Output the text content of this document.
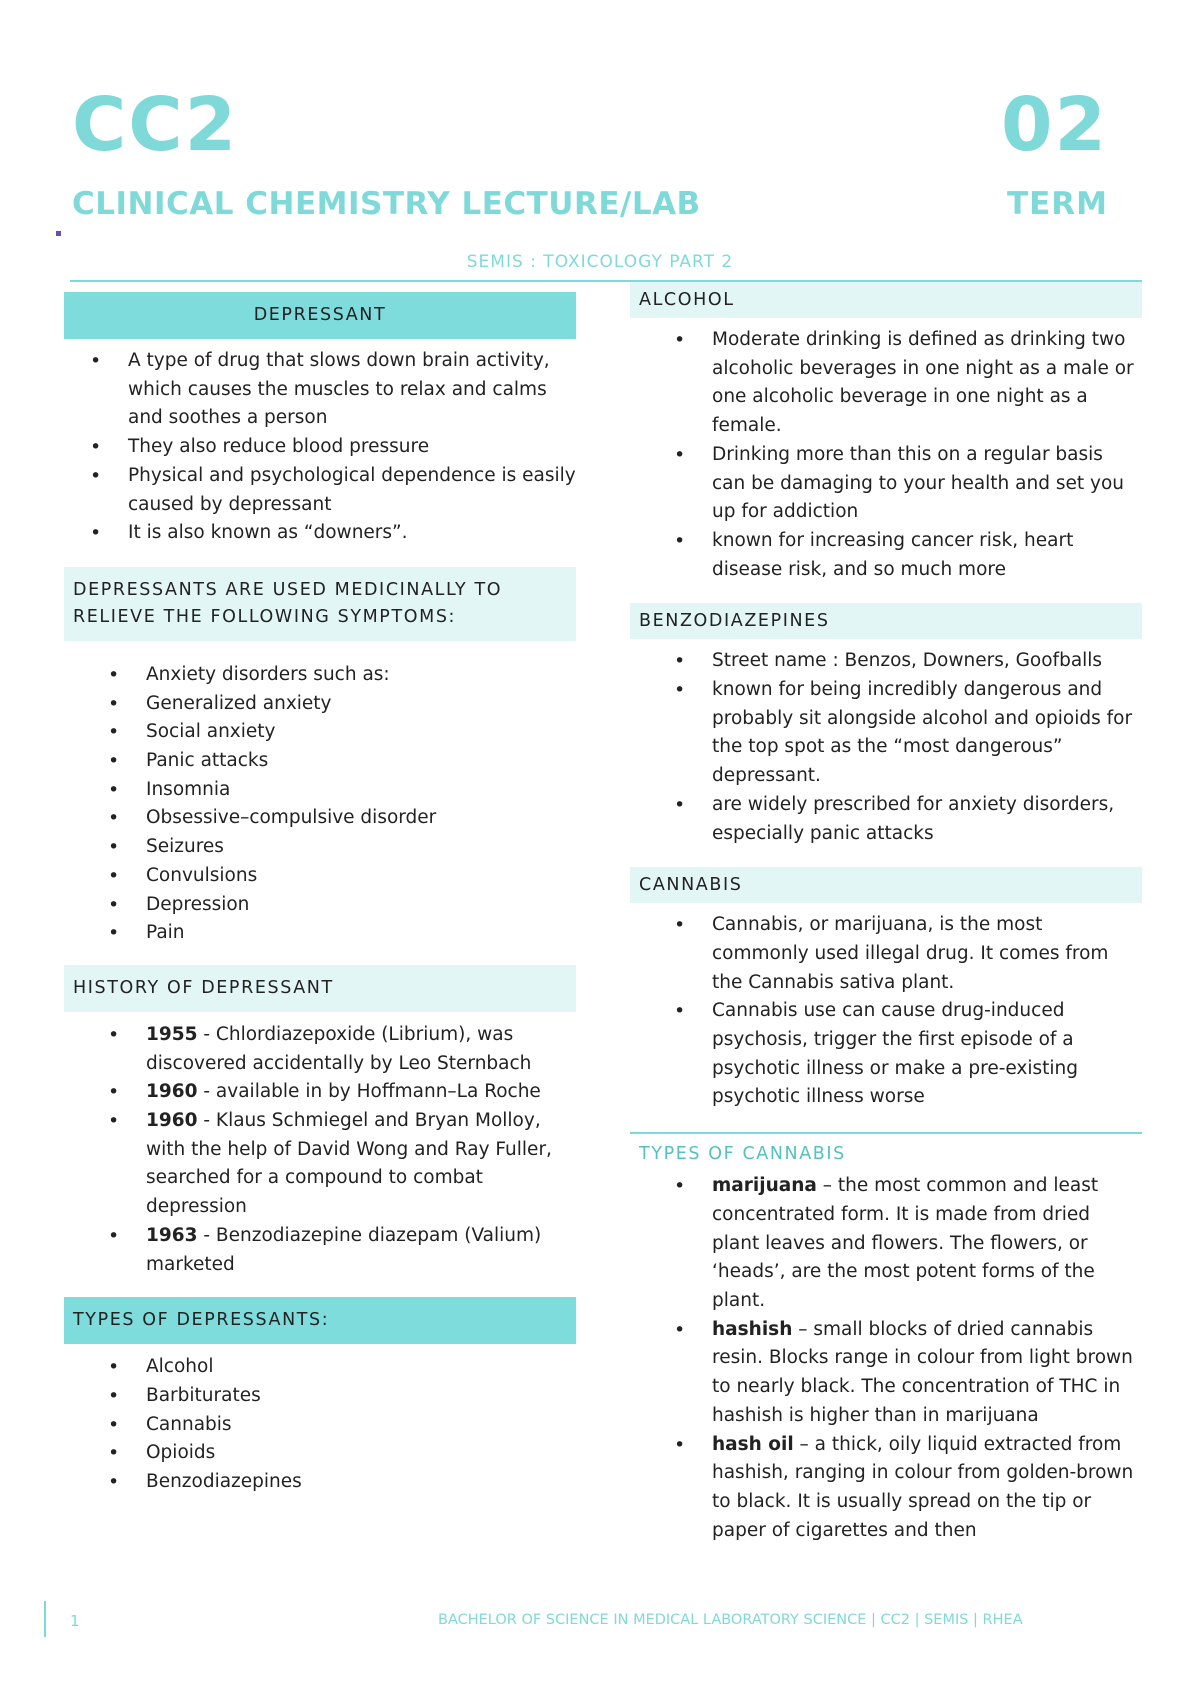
CC2	02
CLINICAL CHEMISTRY LECTURE/LAB	TERM
SEMIS : TOXICOLOGY PART 2
DEPRESSANT
• A type of drug that slows down brain activity, which causes the muscles to relax and calms and soothes a person
• They also reduce blood pressure
• Physical and psychological dependence is easily caused by depressant
• It is also known as “downers”.
DEPRESSANTS ARE USED MEDICINALLY TO RELIEVE THE FOLLOWING SYMPTOMS:
• Anxiety disorders such as:
• Generalized anxiety
• Social anxiety
• Panic attacks
• Insomnia
• Obsessive–compulsive disorder
• Seizures
• Convulsions
• Depression
• Pain
HISTORY OF DEPRESSANT
• 1955 - Chlordiazepoxide (Librium), was discovered accidentally by Leo Sternbach
• 1960 - available in by Hoffmann–La Roche
• 1960 - Klaus Schmiegel and Bryan Molloy, with the help of David Wong and Ray Fuller, searched for a compound to combat depression
• 1963 - Benzodiazepine diazepam (Valium) marketed
TYPES OF DEPRESSANTS:
• Alcohol
• Barbiturates
• Cannabis
• Opioids
• Benzodiazepines
ALCOHOL
• Moderate drinking is defined as drinking two alcoholic beverages in one night as a male or one alcoholic beverage in one night as a female.
• Drinking more than this on a regular basis can be damaging to your health and set you up for addiction
• known for increasing cancer risk, heart disease risk, and so much more
BENZODIAZEPINES
• Street name : Benzos, Downers, Goofballs
• known for being incredibly dangerous and probably sit alongside alcohol and opioids for the top spot as the “most dangerous” depressant.
• are widely prescribed for anxiety disorders, especially panic attacks
CANNABIS
• Cannabis, or marijuana, is the most commonly used illegal drug. It comes from the Cannabis sativa plant.
• Cannabis use can cause drug-induced psychosis, trigger the first episode of a psychotic illness or make a pre-existing psychotic illness worse
TYPES OF CANNABIS
• marijuana – the most common and least concentrated form. It is made from dried plant leaves and flowers. The flowers, or ‘heads’, are the most potent forms of the plant.
• hashish – small blocks of dried cannabis resin. Blocks range in colour from light brown to nearly black. The concentration of THC in hashish is higher than in marijuana
• hash oil – a thick, oily liquid extracted from hashish, ranging in colour from golden-brown to black. It is usually spread on the tip or paper of cigarettes and then
1	BACHELOR OF SCIENCE IN MEDICAL LABORATORY SCIENCE | CC2 | SEMIS | RHEA
